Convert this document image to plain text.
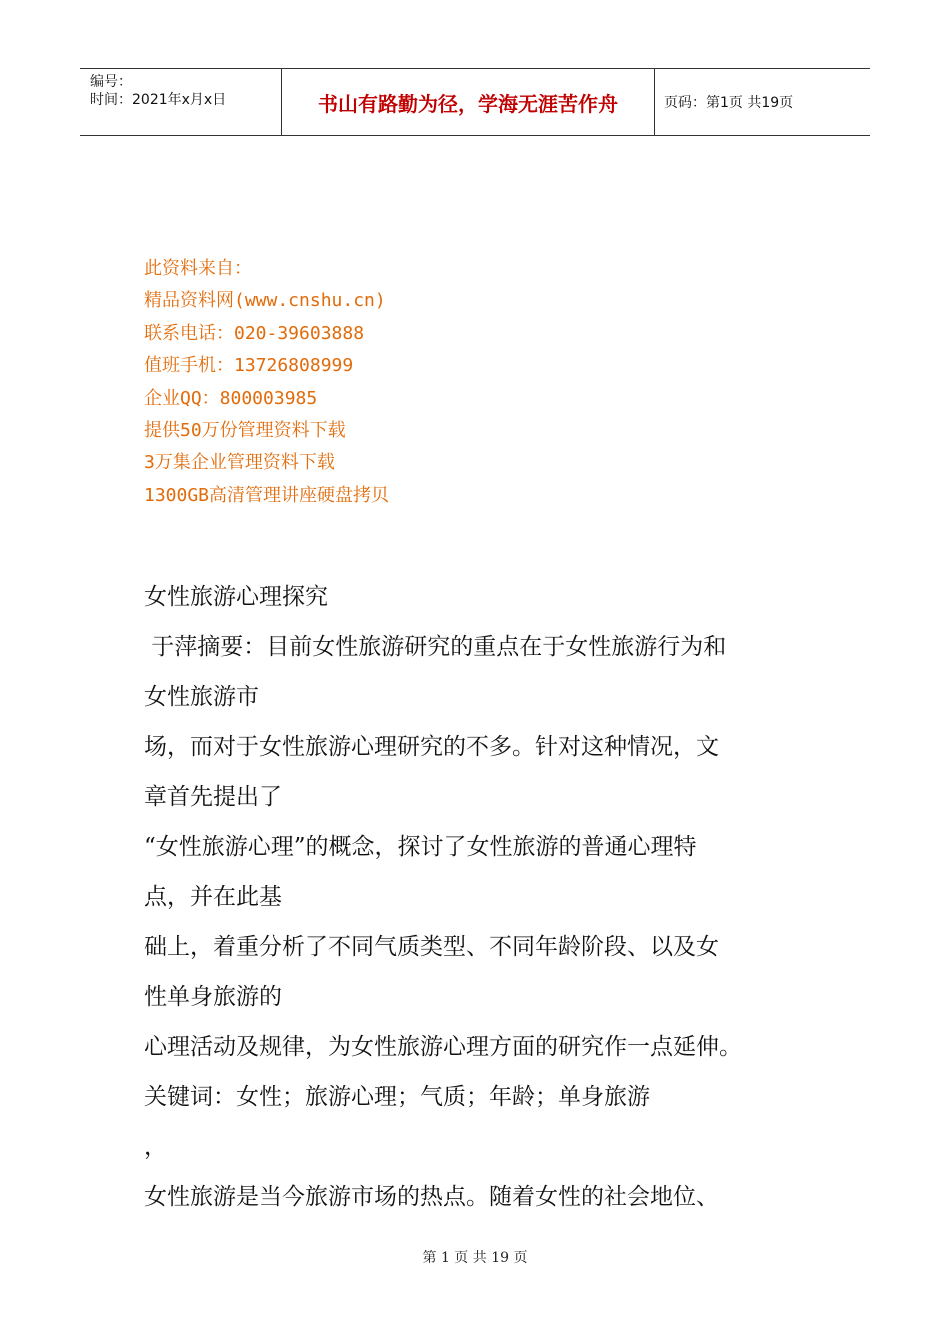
编号：
时间：2021年x月x日	书山有路勤为径，学海无涯苦作舟	页码：第1页 共19页
此资料来自：
精品资料网(www.cnshu.cn)
联系电话：020-39603888
值班手机：13726808999
企业QQ：800003985
提供50万份管理资料下载
3万集企业管理资料下载
1300GB高清管理讲座硬盘拷贝
女性旅游心理探究
于萍摘要：目前女性旅游研究的重点在于女性旅游行为和
女性旅游市
场，而对于女性旅游心理研究的不多。针对这种情况，文
章首先提出了
“女性旅游心理”的概念，探讨了女性旅游的普通心理特
点，并在此基
础上，着重分析了不同气质类型、不同年龄阶段、以及女
性单身旅游的
心理活动及规律，为女性旅游心理方面的研究作一点延伸。
关键词：女性；旅游心理；气质；年龄；单身旅游
，
女性旅游是当今旅游市场的热点。随着女性的社会地位、
第 1 页 共 19 页
